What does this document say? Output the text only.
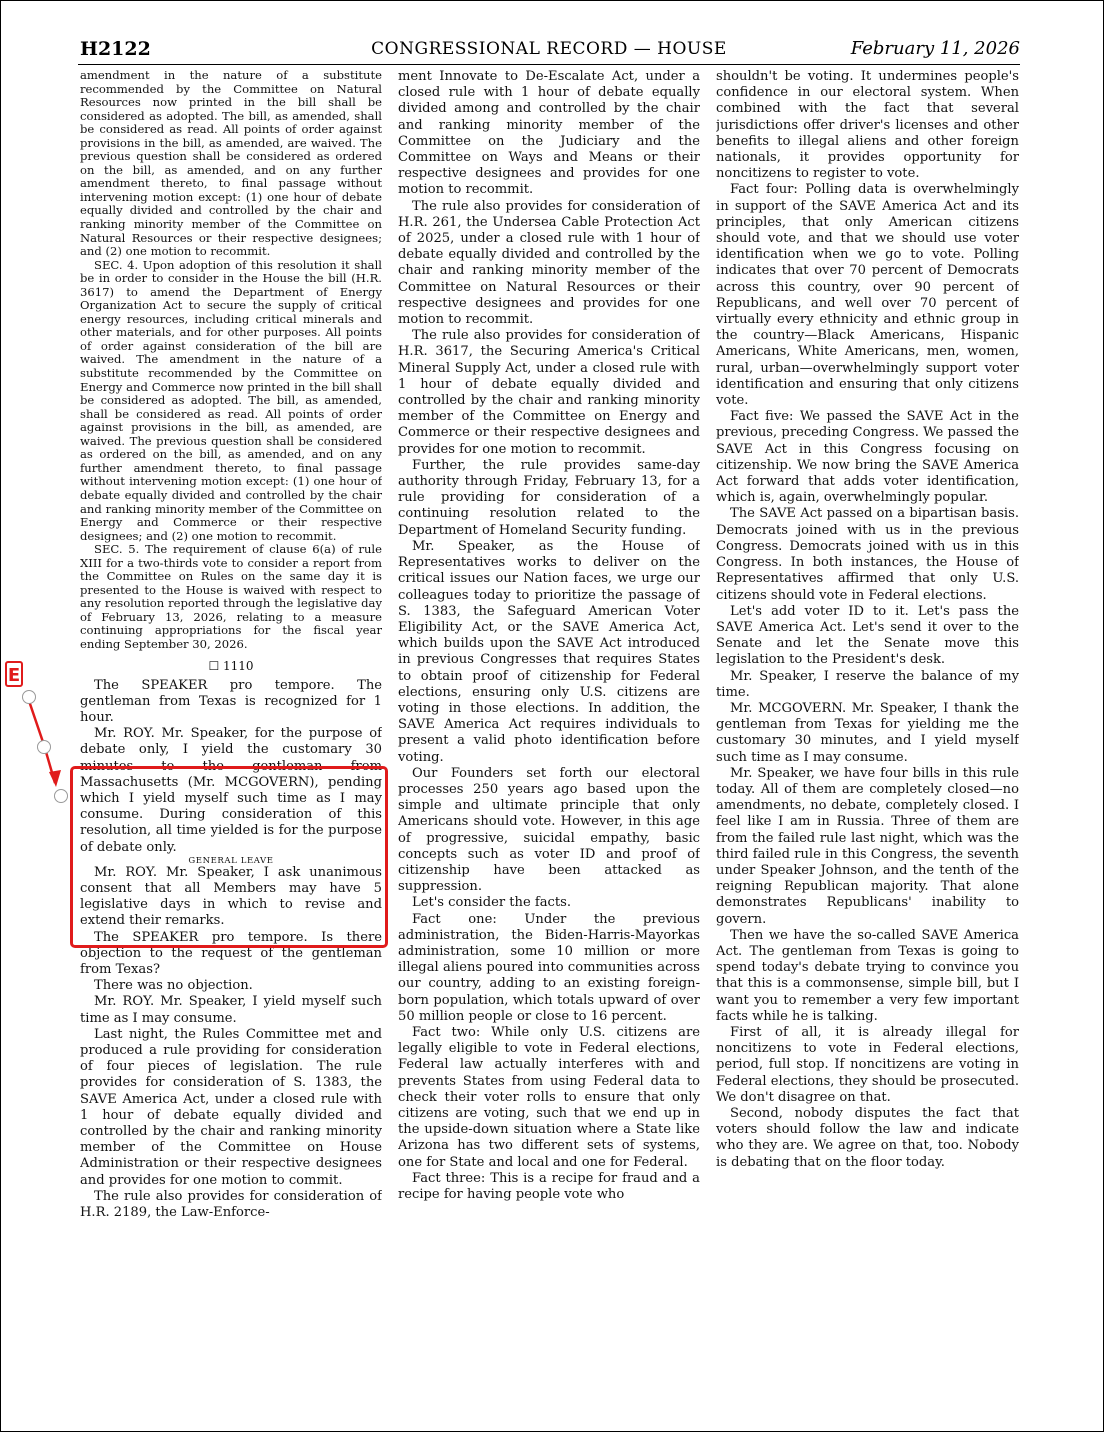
H2122	CONGRESSIONAL RECORD — HOUSE	February 11, 2026

amendment in the nature of a substitute recommended by the Committee on Natural Resources now printed in the bill shall be considered as adopted. The bill, as amended, shall be considered as read. All points of order against provisions in the bill, as amended, are waived. The previous question shall be considered as ordered on the bill, as amended, and on any further amendment thereto, to final passage without intervening motion except: (1) one hour of debate equally divided and controlled by the chair and ranking minority member of the Committee on Natural Resources or their respective designees; and (2) one motion to recommit.

SEC. 4. Upon adoption of this resolution it shall be in order to consider in the House the bill (H.R. 3617) to amend the Department of Energy Organization Act to secure the supply of critical energy resources, including critical minerals and other materials, and for other purposes. All points of order against consideration of the bill are waived. The amendment in the nature of a substitute recommended by the Committee on Energy and Commerce now printed in the bill shall be considered as adopted. The bill, as amended, shall be considered as read. All points of order against provisions in the bill, as amended, are waived. The previous question shall be considered as ordered on the bill, as amended, and on any further amendment thereto, to final passage without intervening motion except: (1) one hour of debate equally divided and controlled by the chair and ranking minority member of the Committee on Energy and Commerce or their respective designees; and (2) one motion to recommit.

SEC. 5. The requirement of clause 6(a) of rule XIII for a two-thirds vote to consider a report from the Committee on Rules on the same day it is presented to the House is waived with respect to any resolution reported through the legislative day of February 13, 2026, relating to a measure continuing appropriations for the fiscal year ending September 30, 2026.

☐ 1110

The SPEAKER pro tempore. The gentleman from Texas is recognized for 1 hour.

Mr. ROY. Mr. Speaker, for the purpose of debate only, I yield the customary 30 minutes to the gentleman from Massachusetts (Mr. MCGOVERN), pending which I yield myself such time as I may consume. During consideration of this resolution, all time yielded is for the purpose of debate only.

GENERAL LEAVE

Mr. ROY. Mr. Speaker, I ask unanimous consent that all Members may have 5 legislative days in which to revise and extend their remarks.

The SPEAKER pro tempore. Is there objection to the request of the gentleman from Texas?

There was no objection.

Mr. ROY. Mr. Speaker, I yield myself such time as I may consume.

Last night, the Rules Committee met and produced a rule providing for consideration of four pieces of legislation. The rule provides for consideration of S. 1383, the SAVE America Act, under a closed rule with 1 hour of debate equally divided and controlled by the chair and ranking minority member of the Committee on House Administration or their respective designees and provides for one motion to commit.

The rule also provides for consideration of H.R. 2189, the Law-Enforce-

ment Innovate to De-Escalate Act, under a closed rule with 1 hour of debate equally divided among and controlled by the chair and ranking minority member of the Committee on the Judiciary and the Committee on Ways and Means or their respective designees and provides for one motion to recommit.

The rule also provides for consideration of H.R. 261, the Undersea Cable Protection Act of 2025, under a closed rule with 1 hour of debate equally divided and controlled by the chair and ranking minority member of the Committee on Natural Resources or their respective designees and provides for one motion to recommit.

The rule also provides for consideration of H.R. 3617, the Securing America's Critical Mineral Supply Act, under a closed rule with 1 hour of debate equally divided and controlled by the chair and ranking minority member of the Committee on Energy and Commerce or their respective designees and provides for one motion to recommit.

Further, the rule provides same-day authority through Friday, February 13, for a rule providing for consideration of a continuing resolution related to the Department of Homeland Security funding.

Mr. Speaker, as the House of Representatives works to deliver on the critical issues our Nation faces, we urge our colleagues today to prioritize the passage of S. 1383, the Safeguard American Voter Eligibility Act, or the SAVE America Act, which builds upon the SAVE Act introduced in previous Congresses that requires States to obtain proof of citizenship for Federal elections, ensuring only U.S. citizens are voting in those elections. In addition, the SAVE America Act requires individuals to present a valid photo identification before voting.

Our Founders set forth our electoral processes 250 years ago based upon the simple and ultimate principle that only Americans should vote. However, in this age of progressive, suicidal empathy, basic concepts such as voter ID and proof of citizenship have been attacked as suppression.

Let's consider the facts.

Fact one: Under the previous administration, the Biden-Harris-Mayorkas administration, some 10 million or more illegal aliens poured into communities across our country, adding to an existing foreign-born population, which totals upward of over 50 million people or close to 16 percent.

Fact two: While only U.S. citizens are legally eligible to vote in Federal elections, Federal law actually interferes with and prevents States from using Federal data to check their voter rolls to ensure that only citizens are voting, such that we end up in the upside-down situation where a State like Arizona has two different sets of systems, one for State and local and one for Federal.

Fact three: This is a recipe for fraud and a recipe for having people vote who

shouldn't be voting. It undermines people's confidence in our electoral system. When combined with the fact that several jurisdictions offer driver's licenses and other benefits to illegal aliens and other foreign nationals, it provides opportunity for noncitizens to register to vote.

Fact four: Polling data is overwhelmingly in support of the SAVE America Act and its principles, that only American citizens should vote, and that we should use voter identification when we go to vote. Polling indicates that over 70 percent of Democrats across this country, over 90 percent of Republicans, and well over 70 percent of virtually every ethnicity and ethnic group in the country—Black Americans, Hispanic Americans, White Americans, men, women, rural, urban—overwhelmingly support voter identification and ensuring that only citizens vote.

Fact five: We passed the SAVE Act in the previous, preceding Congress. We passed the SAVE Act in this Congress focusing on citizenship. We now bring the SAVE America Act forward that adds voter identification, which is, again, overwhelmingly popular.

The SAVE Act passed on a bipartisan basis. Democrats joined with us in the previous Congress. Democrats joined with us in this Congress. In both instances, the House of Representatives affirmed that only U.S. citizens should vote in Federal elections.

Let's add voter ID to it. Let's pass the SAVE America Act. Let's send it over to the Senate and let the Senate move this legislation to the President's desk.

Mr. Speaker, I reserve the balance of my time.

Mr. MCGOVERN. Mr. Speaker, I thank the gentleman from Texas for yielding me the customary 30 minutes, and I yield myself such time as I may consume.

Mr. Speaker, we have four bills in this rule today. All of them are completely closed—no amendments, no debate, completely closed. I feel like I am in Russia. Three of them are from the failed rule last night, which was the third failed rule in this Congress, the seventh under Speaker Johnson, and the tenth of the reigning Republican majority. That alone demonstrates Republicans' inability to govern.

Then we have the so-called SAVE America Act. The gentleman from Texas is going to spend today's debate trying to convince you that this is a commonsense, simple bill, but I want you to remember a very few important facts while he is talking.

First of all, it is already illegal for noncitizens to vote in Federal elections, period, full stop. If noncitizens are voting in Federal elections, they should be prosecuted. We don't disagree on that.

Second, nobody disputes the fact that voters should follow the law and indicate who they are. We agree on that, too. Nobody is debating that on the floor today.

E
